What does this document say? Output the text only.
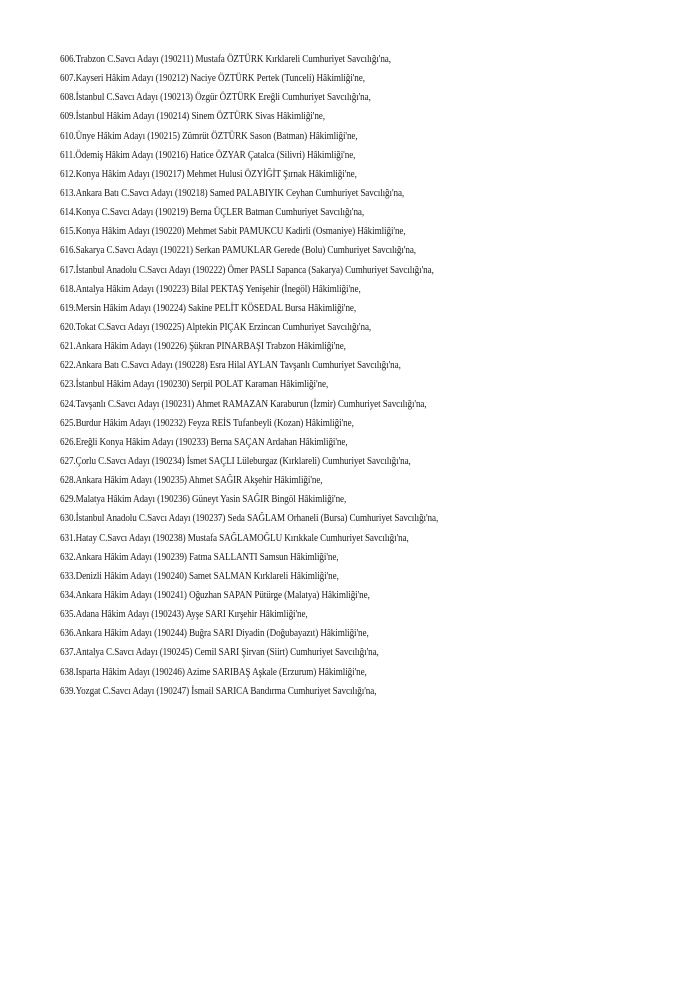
606.Trabzon C.Savcı Adayı (190211) Mustafa ÖZTÜRK Kırklareli Cumhuriyet Savcılığı'na,
607.Kayseri Hâkim Adayı (190212) Naciye ÖZTÜRK Pertek (Tunceli) Hâkimliği'ne,
608.İstanbul C.Savcı Adayı (190213) Özgür ÖZTÜRK Ereğli Cumhuriyet Savcılığı'na,
609.İstanbul Hâkim Adayı (190214) Sinem ÖZTÜRK Sivas Hâkimliği'ne,
610.Ünye Hâkim Adayı (190215) Zümrüt ÖZTÜRK Sason (Batman) Hâkimliği'ne,
611.Ödemiş Hâkim Adayı (190216) Hatice ÖZYAR Çatalca (Silivri) Hâkimliği'ne,
612.Konya Hâkim Adayı (190217) Mehmet Hulusi ÖZYİĞİT Şırnak Hâkimliği'ne,
613.Ankara Batı C.Savcı Adayı (190218) Samed PALABIYIK Ceyhan Cumhuriyet Savcılığı'na,
614.Konya C.Savcı Adayı (190219) Berna ÜÇLER Batman Cumhuriyet Savcılığı'na,
615.Konya Hâkim Adayı (190220) Mehmet Sabit PAMUKCU Kadirli (Osmaniye) Hâkimliği'ne,
616.Sakarya C.Savcı Adayı (190221) Serkan PAMUKLAR Gerede (Bolu) Cumhuriyet Savcılığı'na,
617.İstanbul Anadolu C.Savcı Adayı (190222) Ömer PASLI Sapanca (Sakarya) Cumhuriyet Savcılığı'na,
618.Antalya Hâkim Adayı (190223) Bilal PEKTAŞ Yenişehir (İnegöl) Hâkimliği'ne,
619.Mersin Hâkim Adayı (190224) Sakine PELİT KÖSEDAL Bursa Hâkimliği'ne,
620.Tokat C.Savcı Adayı (190225) Alptekin PIÇAK Erzincan Cumhuriyet Savcılığı'na,
621.Ankara Hâkim Adayı (190226) Şükran PINARBAŞI Trabzon Hâkimliği'ne,
622.Ankara Batı C.Savcı Adayı (190228) Esra Hilal AYLAN Tavşanlı Cumhuriyet Savcılığı'na,
623.İstanbul Hâkim Adayı (190230) Serpil POLAT Karaman Hâkimliği'ne,
624.Tavşanlı C.Savcı Adayı (190231) Ahmet RAMAZAN Karaburun (İzmir) Cumhuriyet Savcılığı'na,
625.Burdur Hâkim Adayı (190232) Feyza REİS Tufanbeyli (Kozan) Hâkimliği'ne,
626.Ereğli Konya Hâkim Adayı (190233) Berna SAÇAN Ardahan Hâkimliği'ne,
627.Çorlu C.Savcı Adayı (190234) İsmet SAÇLI Lüleburgaz (Kırklareli) Cumhuriyet Savcılığı'na,
628.Ankara Hâkim Adayı (190235) Ahmet SAĞIR Akşehir Hâkimliği'ne,
629.Malatya Hâkim Adayı (190236) Güneyt Yasin SAĞIR Bingöl Hâkimliği'ne,
630.İstanbul Anadolu C.Savcı Adayı (190237) Seda SAĞLAM Orhaneli (Bursa) Cumhuriyet Savcılığı'na,
631.Hatay C.Savcı Adayı (190238) Mustafa SAĞLAMOĞLU Kırıkkale Cumhuriyet Savcılığı'na,
632.Ankara Hâkim Adayı (190239) Fatma SALLANTI Samsun Hâkimliği'ne,
633.Denizli Hâkim Adayı (190240) Samet SALMAN Kırklareli Hâkimliği'ne,
634.Ankara Hâkim Adayı (190241) Oğuzhan SAPAN Pütürge (Malatya) Hâkimliği'ne,
635.Adana Hâkim Adayı (190243) Ayşe SARI Kırşehir Hâkimliği'ne,
636.Ankara Hâkim Adayı (190244) Buğra SARI Diyadin (Doğubayazıt) Hâkimliği'ne,
637.Antalya C.Savcı Adayı (190245) Cemil SARI Şirvan (Siirt) Cumhuriyet Savcılığı'na,
638.Isparta Hâkim Adayı (190246) Azime SARIBAŞ Aşkale (Erzurum) Hâkimliği'ne,
639.Yozgat C.Savcı Adayı (190247) İsmail SARICA Bandırma Cumhuriyet Savcılığı'na,
